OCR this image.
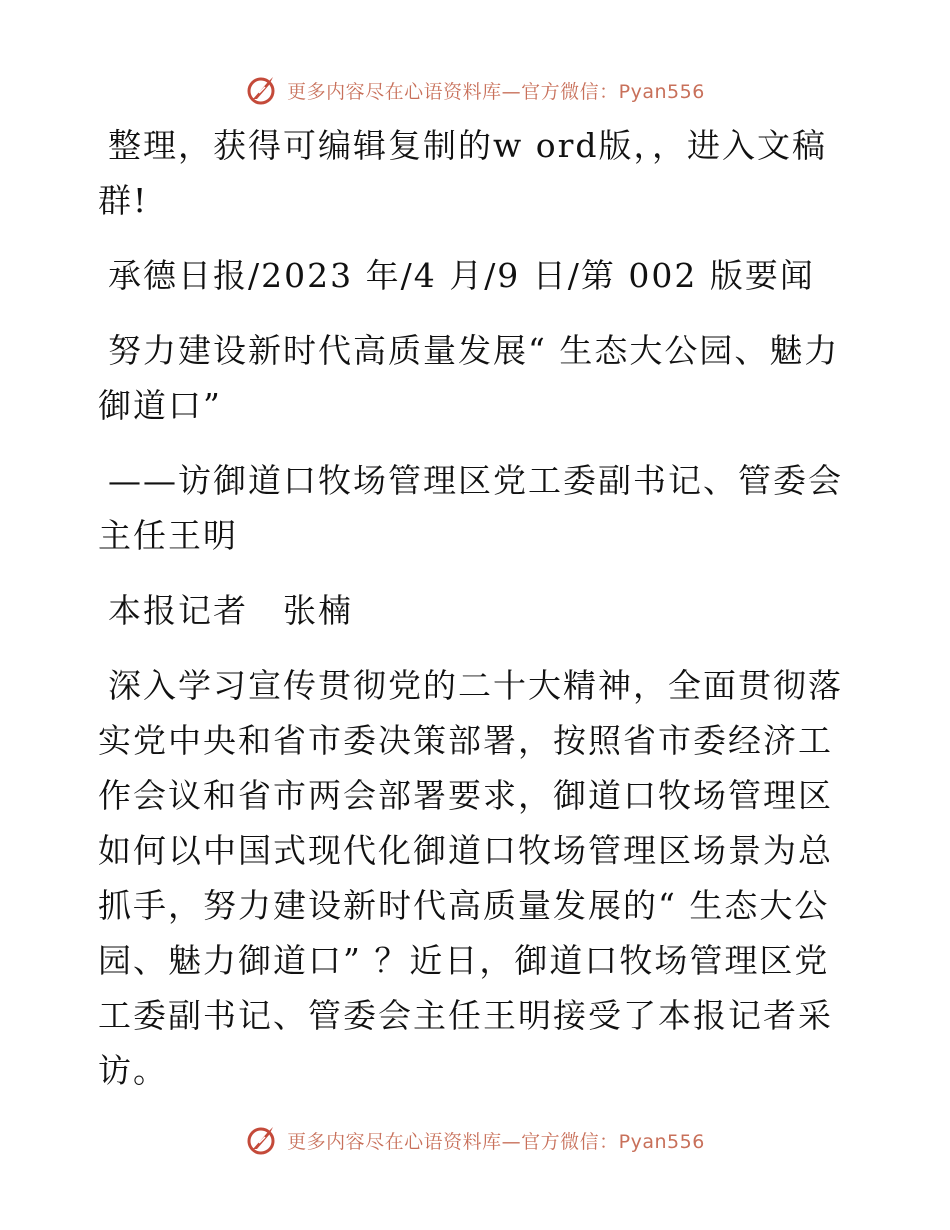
更多内容尽在心语资料库—官方微信：Pyan556

整理，获得可编辑复制的w ord版，，进入文稿群!

承德日报/2023 年/4 月/9 日/第 002 版要闻

努力建设新时代高质量发展“ 生态大公园、魅力御道口”

——访御道口牧场管理区党工委副书记、管委会主任王明

本报记者　张楠

深入学习宣传贯彻党的二十大精神，全面贯彻落实党中央和省市委决策部署，按照省市委经济工作会议和省市两会部署要求，御道口牧场管理区如何以中国式现代化御道口牧场管理区场景为总抓手，努力建设新时代高质量发展的“ 生态大公园、魅力御道口” ？近日，御道口牧场管理区党工委副书记、管委会主任王明接受了本报记者采访。

更多内容尽在心语资料库—官方微信：Pyan556
